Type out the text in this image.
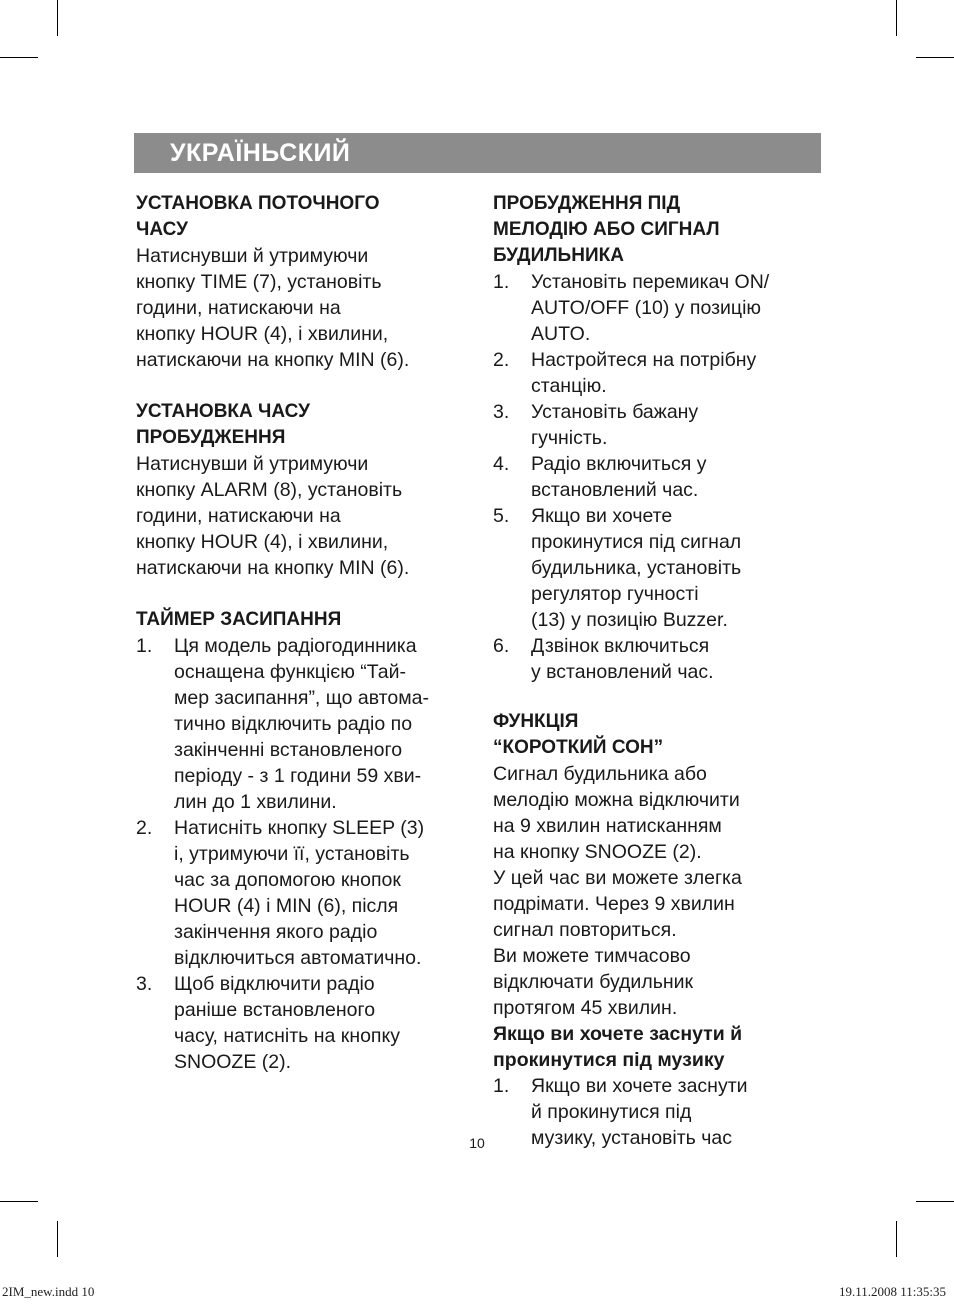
УКРАЇНЬСКИЙ
УСТАНОВКА ПОТОЧНОГО
ЧАСУ
Натиснувши й утримуючи
кнопку TIME (7), установіть
години, натискаючи на
кнопку HOUR (4), і хвилини,
натискаючи на кнопку MIN (6).
УСТАНОВКА ЧАСУ
ПРОБУДЖЕННЯ
Натиснувши й утримуючи
кнопку ALARM (8), установіть
години, натискаючи на
кнопку HOUR (4), і хвилини,
натискаючи на кнопку MIN (6).
ТАЙМЕР ЗАСИПАННЯ
1.	Ця модель радіогодинника
оснащена функцією “Тай-
мер засипання”, що автома-
тично відключить радіо по
закінченні встановленого
періоду - з 1 години 59 хви-
лин до 1 хвилини.
2.	Натисніть кнопку SLEEP (3)
і, утримуючи її, установіть
час за допомогою кнопок
HOUR (4) і MIN (6), після
закінчення якого радіо
відключиться автоматично.
3.	Щоб відключити радіо
раніше встановленого
часу, натисніть на кнопку
SNOOZE (2).
ПРОБУДЖЕННЯ ПІД
МЕЛОДІЮ АБО СИГНАЛ
БУДИЛЬНИКА
1.	Установіть перемикач ON/
AUTO/OFF (10) у позицію
AUTO.
2.	Настройтеся на потрібну
станцію.
3.	Установіть бажану
гучність.
4.	Радіо включиться у
встановлений час.
5.	Якщо ви хочете
прокинутися під сигнал
будильника, установіть
регулятор гучності
(13) у позицію Buzzer.
6.	Дзвінок включиться
у встановлений час.
ФУНКЦІЯ
“КОРОТКИЙ СОН”
Сигнал будильника або
мелодію можна відключити
на 9 хвилин натисканням
на кнопку SNOOZE (2).
У цей час ви можете злегка
подрімати. Через 9 хвилин
сигнал повториться.
Ви можете тимчасово
відключати будильник
протягом 45 хвилин.
Якщо ви хочете заснути й
прокинутися під музику
1.	Якщо ви хочете заснути
й прокинутися під
музику, установіть час
10
2IM_new.indd 10	19.11.2008 11:35:35
